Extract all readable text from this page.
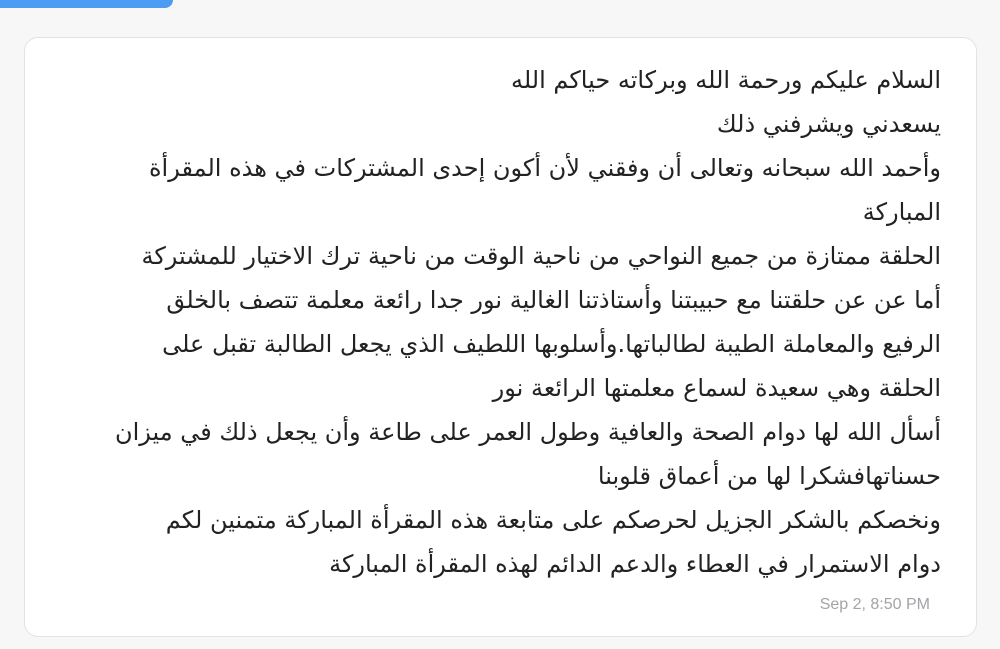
السلام عليكم ورحمة الله وبركاته حياكم الله
يسعدني ويشرفني ذلك
وأحمد الله سبحانه وتعالى أن وفقني لأن أكون إحدى المشتركات في هذه المقرأة
المباركة
الحلقة ممتازة من جميع النواحي من ناحية الوقت من ناحية ترك الاختيار للمشتركة
أما عن عن حلقتنا مع حبيبتنا وأستاذتنا الغالية نور جدا رائعة معلمة تتصف بالخلق
الرفيع والمعاملة الطيبة لطالباتها.وأسلوبها اللطيف الذي يجعل الطالبة تقبل على
الحلقة وهي سعيدة لسماع معلمتها الرائعة نور
أسأل الله لها دوام الصحة والعافية وطول العمر على طاعة وأن يجعل ذلك في ميزان
حسناتهافشكرا لها من أعماق قلوبنا
ونخصكم بالشكر الجزيل لحرصكم على متابعة هذه المقرأة المباركة متمنين لكم
دوام الاستمرار في العطاء والدعم الدائم لهذه المقرأة المباركة
Sep 2, 8:50 PM
